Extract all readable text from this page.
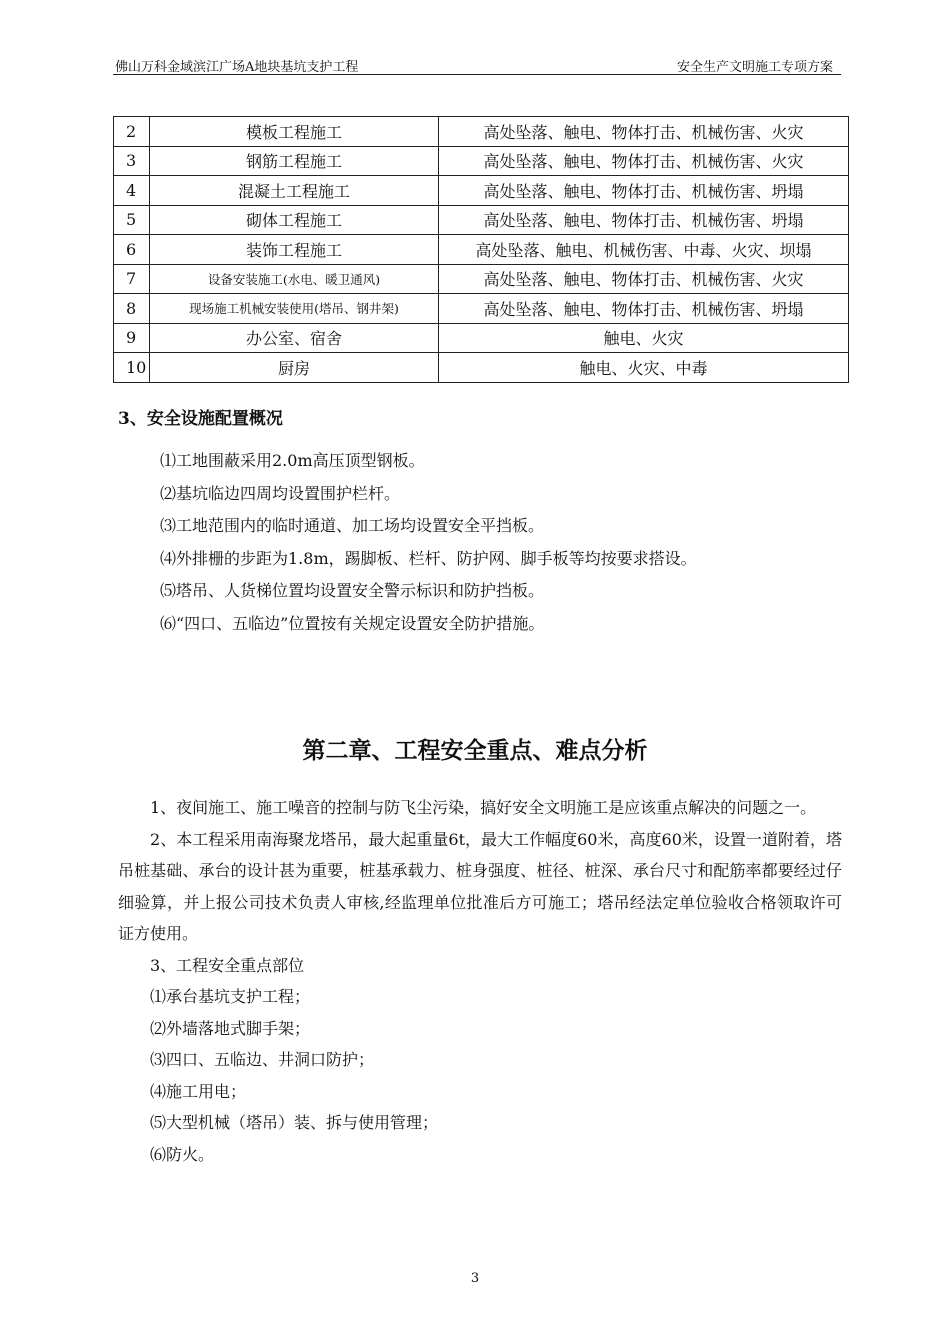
佛山万科金域滨江广场A地块基坑支护工程	安全生产文明施工专项方案
2	模板工程施工	高处坠落、触电、物体打击、机械伤害、火灾
3	钢筋工程施工	高处坠落、触电、物体打击、机械伤害、火灾
4	混凝土工程施工	高处坠落、触电、物体打击、机械伤害、坍塌
5	砌体工程施工	高处坠落、触电、物体打击、机械伤害、坍塌
6	装饰工程施工	高处坠落、触电、机械伤害、中毒、火灾、坝塌
7	设备安装施工(水电、暖卫通风)	高处坠落、触电、物体打击、机械伤害、火灾
8	现场施工机械安装使用(塔吊、钢井架)	高处坠落、触电、物体打击、机械伤害、坍塌
9	办公室、宿舍	触电、火灾
10	厨房	触电、火灾、中毒
3、安全设施配置概况
⑴工地围蔽采用2.0m高压顶型钢板。
⑵基坑临边四周均设置围护栏杆。
⑶工地范围内的临时通道、加工场均设置安全平挡板。
⑷外排栅的步距为1.8m，踢脚板、栏杆、防护网、脚手板等均按要求搭设。
⑸塔吊、人货梯位置均设置安全警示标识和防护挡板。
⑹“四口、五临边”位置按有关规定设置安全防护措施。
第二章、工程安全重点、难点分析

1、夜间施工、施工噪音的控制与防飞尘污染，搞好安全文明施工是应该重点解决的问题之一。

2、本工程采用南海聚龙塔吊，最大起重量6t，最大工作幅度60米，高度60米，设置一道附着，塔吊桩基础、承台的设计甚为重要，桩基承载力、桩身强度、桩径、桩深、承台尺寸和配筋率都要经过仔细验算，并上报公司技术负责人审核,经监理单位批准后方可施工；塔吊经法定单位验收合格领取许可证方使用。

3、工程安全重点部位

⑴承台基坑支护工程；

⑵外墙落地式脚手架；

⑶四口、五临边、井洞口防护；

⑷施工用电；

⑸大型机械（塔吊）装、拆与使用管理；

⑹防火。

3
